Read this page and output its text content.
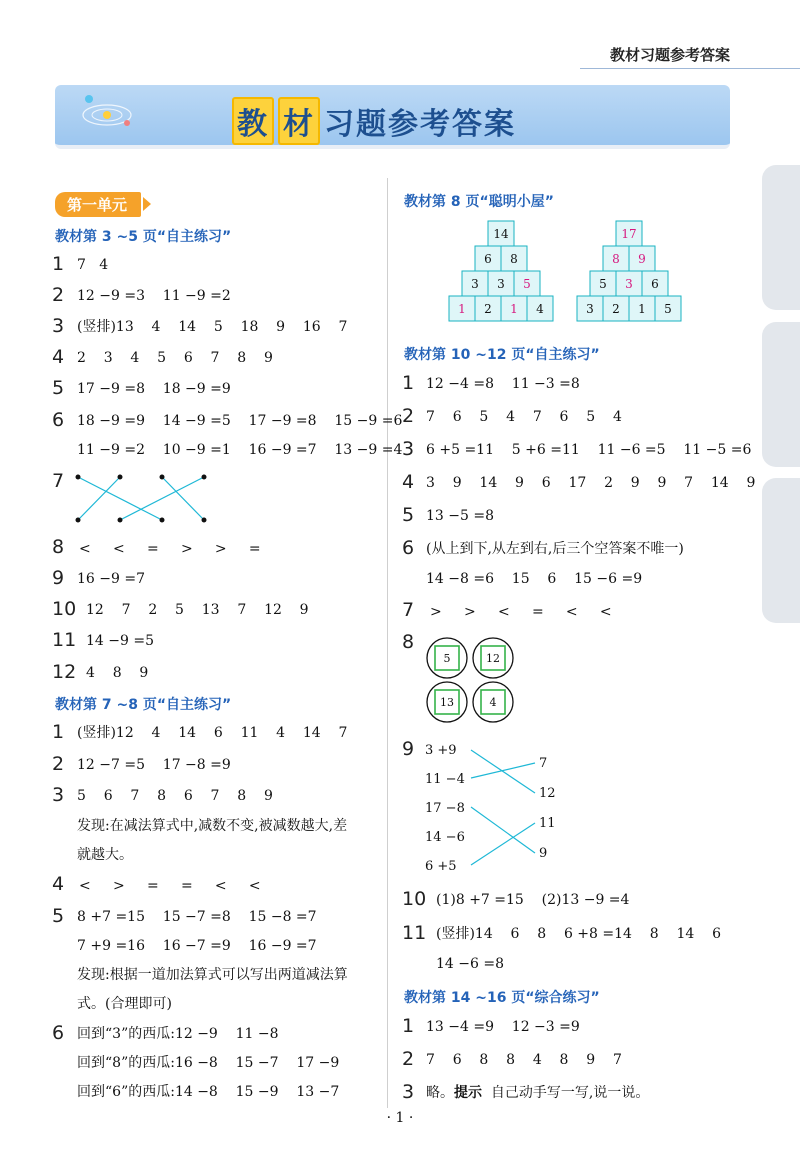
教材习题参考答案
教 材 习题参考答案
第一单元
教材第 3 ~5 页“自主练习”
1 7   4
2 12 −9 =3    11 −9 =2
3 (竖排)13    4    14    5    18    9    16    7
4 2    3    4    5    6    7    8    9
5 17 −9 =8    18 −9 =9
6 18 −9 =9    14 −9 =5    17 −9 =8    15 −9 =6
11 −9 =2    10 −9 =1    16 −9 =7    13 −9 =4
7
8 <     <     =     >     >     =
9 16 −9 =7
10 12    7    2    5    13    7    12    9
11 14 −9 =5
12 4    8    9
教材第 7 ~8 页“自主练习”
1 (竖排)12    4    14    6    11    4    14    7
2 12 −7 =5    17 −8 =9
3 5    6    7    8    6    7    8    9
发现:在减法算式中,减数不变,被减数越大,差
就越大。
4 <     >     =     =     <     <
5 8 +7 =15    15 −7 =8    15 −8 =7
7 +9 =16    16 −7 =9    16 −9 =7
发现:根据一道加法算式可以写出两道减法算
式。(合理即可)
6 回到“3”的西瓜:12 −9    11 −8
回到“8”的西瓜:16 −8    15 −7    17 −9
回到“6”的西瓜:14 −8    15 −9    13 −7
教材第 8 页“聪明小屋”
14
6 8
3 3 5
1 2 1 4
17
8 9
5 3 6
3 2 1 5
教材第 10 ~12 页“自主练习”
1 12 −4 =8    11 −3 =8
2 7    6    5    4    7    6    5    4
3 6 +5 =11    5 +6 =11    11 −6 =5    11 −5 =6
4 3    9    14    9    6    17    2    9    9    7    14    9
5 13 −5 =8
6 (从上到下,从左到右,后三个空答案不唯一)
14 −8 =6    15    6    15 −6 =9
7 >     >     <     =     <     <
8
5	12
13	4
9 3 +9
11 −4
17 −8
14 −6
6 +5
7
12
11
9
10 (1)8 +7 =15    (2)13 −9 =4
11 (竖排)14    6    8    6 +8 =14    8    14    6
14 −6 =8
教材第 14 ~16 页“综合练习”
1 13 −4 =9    12 −3 =9
2 7    6    8    8    4    8    9    7
3 略。提示  自己动手写一写,说一说。
· 1 ·
